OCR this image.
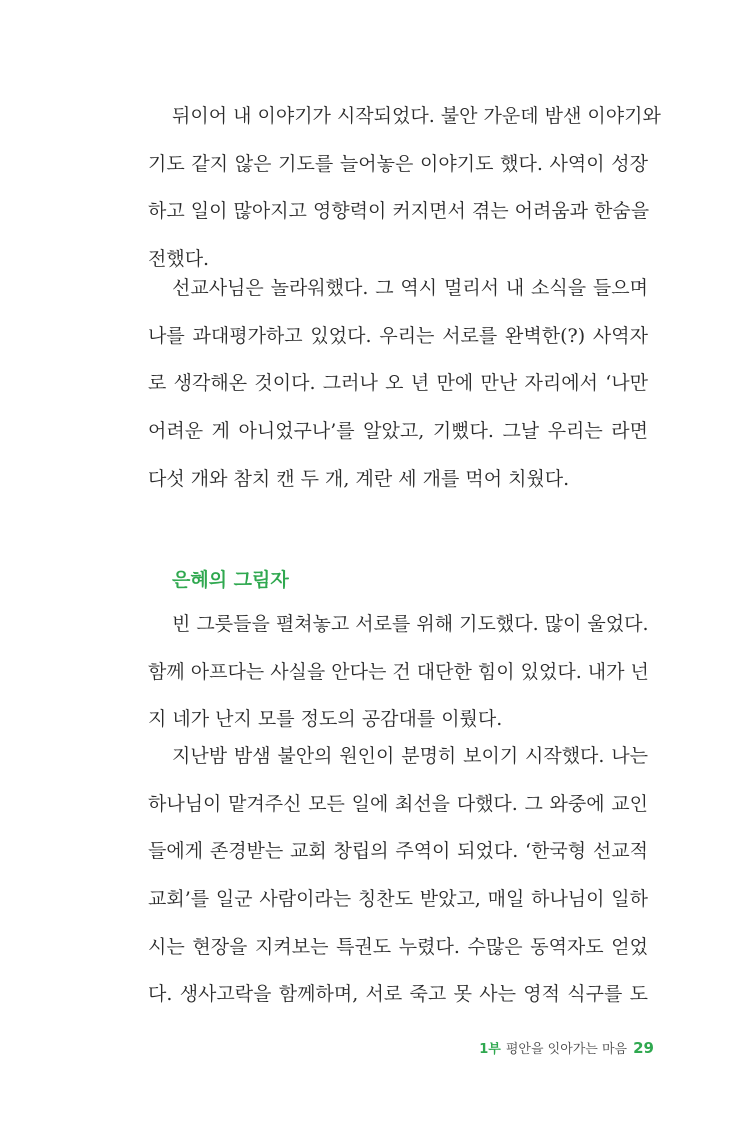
뒤이어 내 이야기가 시작되었다. 불안 가운데 밤샌 이야기와
기도 같지 않은 기도를 늘어놓은 이야기도 했다. 사역이 성장
하고 일이 많아지고 영향력이 커지면서 겪는 어려움과 한숨을
전했다.
선교사님은 놀라워했다. 그 역시 멀리서 내 소식을 들으며
나를 과대평가하고 있었다. 우리는 서로를 완벽한(?) 사역자
로 생각해온 것이다. 그러나 오 년 만에 만난 자리에서 ‘나만
어려운 게 아니었구나’를 알았고, 기뻤다. 그날 우리는 라면
다섯 개와 참치 캔 두 개, 계란 세 개를 먹어 치웠다.
은혜의 그림자
빈 그릇들을 펼쳐놓고 서로를 위해 기도했다. 많이 울었다.
함께 아프다는 사실을 안다는 건 대단한 힘이 있었다. 내가 넌
지 네가 난지 모를 정도의 공감대를 이뤘다.
지난밤 밤샘 불안의 원인이 분명히 보이기 시작했다. 나는
하나님이 맡겨주신 모든 일에 최선을 다했다. 그 와중에 교인
들에게 존경받는 교회 창립의 주역이 되었다. ‘한국형 선교적
교회’를 일군 사람이라는 칭찬도 받았고, 매일 하나님이 일하
시는 현장을 지켜보는 특권도 누렸다. 수많은 동역자도 얻었
다. 생사고락을 함께하며, 서로 죽고 못 사는 영적 식구를 도
1부 평안을 잇아가는 마음 29
